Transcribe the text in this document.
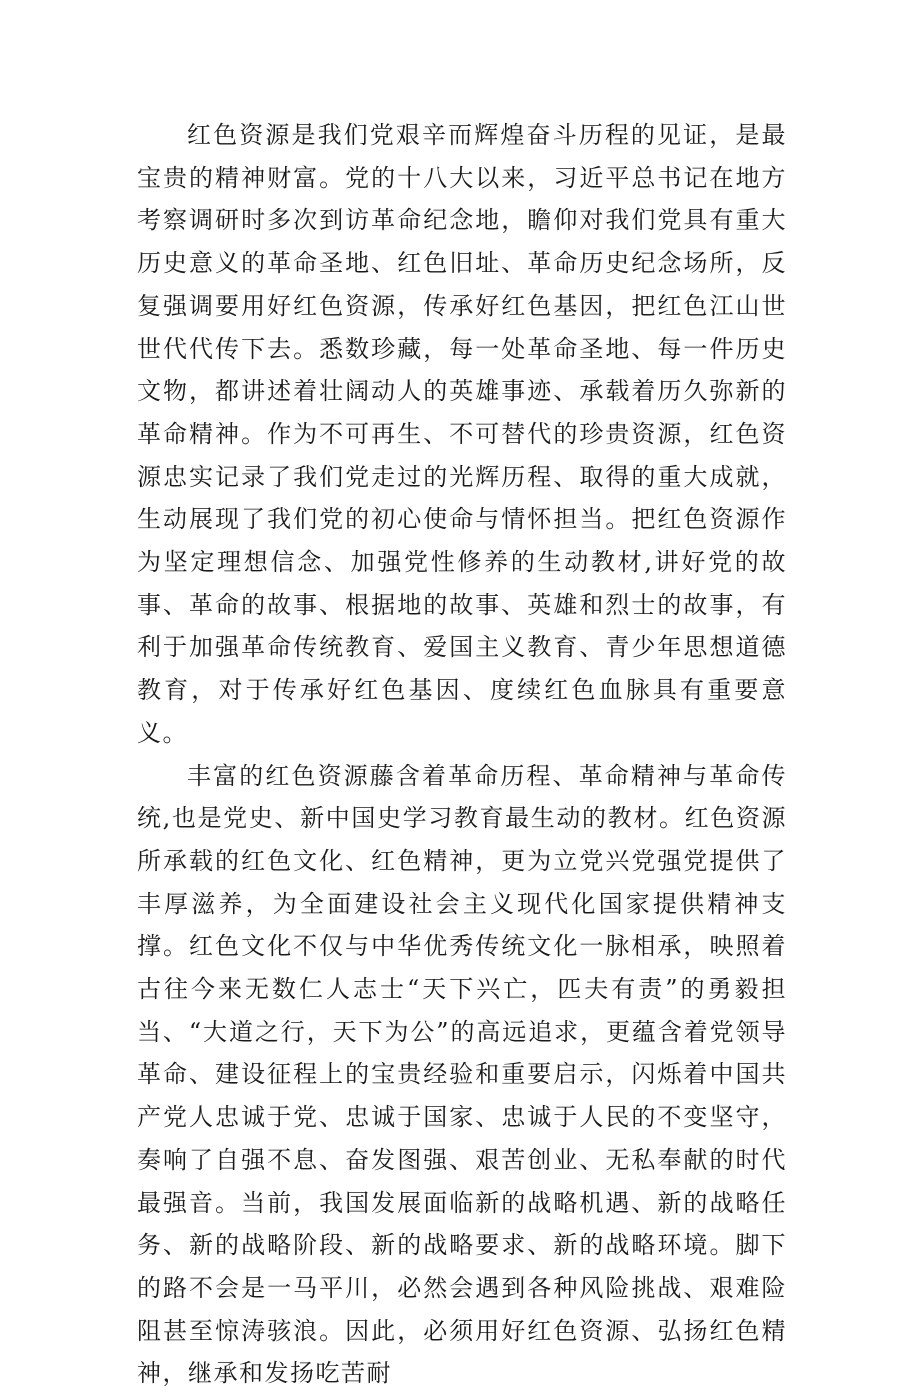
红色资源是我们党艰辛而辉煌奋斗历程的见证，是最宝贵的精神财富。党的十八大以来，习近平总书记在地方考察调研时多次到访革命纪念地，瞻仰对我们党具有重大历史意义的革命圣地、红色旧址、革命历史纪念场所，反复强调要用好红色资源，传承好红色基因，把红色江山世世代代传下去。悉数珍藏，每一处革命圣地、每一件历史文物，都讲述着壮阔动人的英雄事迹、承载着历久弥新的革命精神。作为不可再生、不可替代的珍贵资源，红色资源忠实记录了我们党走过的光辉历程、取得的重大成就，生动展现了我们党的初心使命与情怀担当。把红色资源作为坚定理想信念、加强党性修养的生动教材,讲好党的故事、革命的故事、根据地的故事、英雄和烈士的故事，有利于加强革命传统教育、爱国主义教育、青少年思想道德教育，对于传承好红色基因、度续红色血脉具有重要意义。

丰富的红色资源藤含着革命历程、革命精神与革命传统,也是党史、新中国史学习教育最生动的教材。红色资源所承载的红色文化、红色精神，更为立党兴党强党提供了丰厚滋养，为全面建设社会主义现代化国家提供精神支撑。红色文化不仅与中华优秀传统文化一脉相承，映照着古往今来无数仁人志士“天下兴亡，匹夫有责”的勇毅担当、“大道之行，天下为公”的高远追求，更蕴含着党领导革命、建设征程上的宝贵经验和重要启示，闪烁着中国共产党人忠诚于党、忠诚于国家、忠诚于人民的不变坚守，奏响了自强不息、奋发图强、艰苦创业、无私奉献的时代最强音。当前，我国发展面临新的战略机遇、新的战略任务、新的战略阶段、新的战略要求、新的战略环境。脚下的路不会是一马平川，必然会遇到各种风险挑战、艰难险阻甚至惊涛骇浪。因此，必须用好红色资源、弘扬红色精神，继承和发扬吃苦耐
